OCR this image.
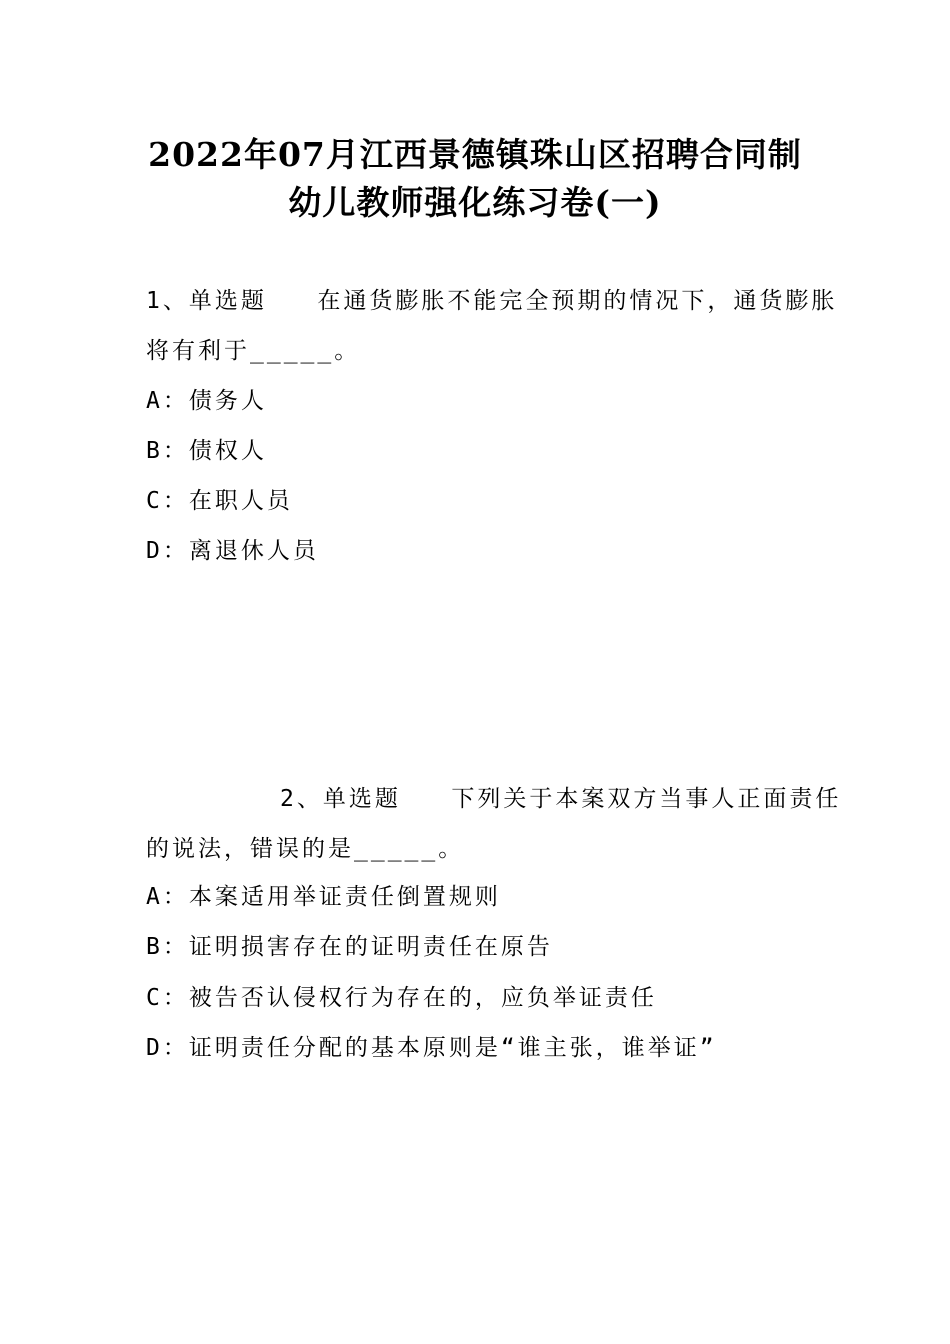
2022年07月江西景德镇珠山区招聘合同制
幼儿教师强化练习卷(一)
1、单选题   在通货膨胀不能完全预期的情况下，通货膨胀
将有利于_____。
A：债务人
B：债权人
C：在职人员
D：离退休人员
2、单选题   下列关于本案双方当事人正面责任
的说法，错误的是_____。
A：本案适用举证责任倒置规则
B：证明损害存在的证明责任在原告
C：被告否认侵权行为存在的，应负举证责任
D：证明责任分配的基本原则是“谁主张，谁举证”
